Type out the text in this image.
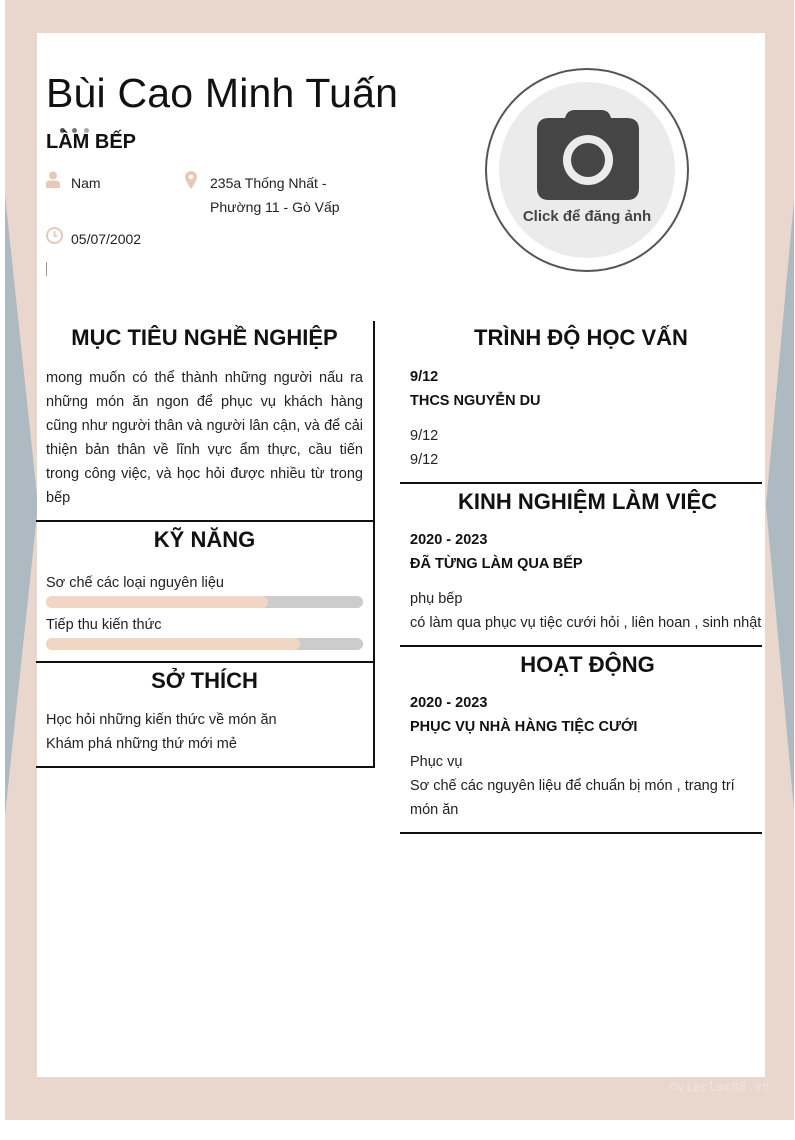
©vieclam88.vn
Bùi Cao Minh Tuấn
LÀM BẾP
Nam	235a Thống Nhất -
Phường 11 - Gò Vấp
05/07/2002
Click để đăng ảnh
MỤC TIÊU NGHỀ NGHIỆP
mong muốn có thể thành những người nấu ra những món ăn ngon để phục vụ khách hàng cũng như người thân và người lân cận, và để cải thiện bản thân về lĩnh vực ẩm thực, cầu tiến trong công việc, và học hỏi được nhiều từ trong bếp
KỸ NĂNG
Sơ chế các loại nguyên liệu
Tiếp thu kiến thức
SỞ THÍCH
Học hỏi những kiến thức về món ăn
Khám phá những thứ mới mẻ
TRÌNH ĐỘ HỌC VẤN
9/12
THCS NGUYỄN DU
9/12
9/12
KINH NGHIỆM LÀM VIỆC
2020 - 2023
ĐÃ TỪNG LÀM QUA BẾP
phụ bếp
có làm qua phục vụ tiệc cưới hỏi , liên hoan , sinh nhật
HOẠT ĐỘNG
2020 - 2023
PHỤC VỤ NHÀ HÀNG TIỆC CƯỚI
Phục vụ
Sơ chế các nguyên liệu để chuẩn bị món , trang trí món ăn
